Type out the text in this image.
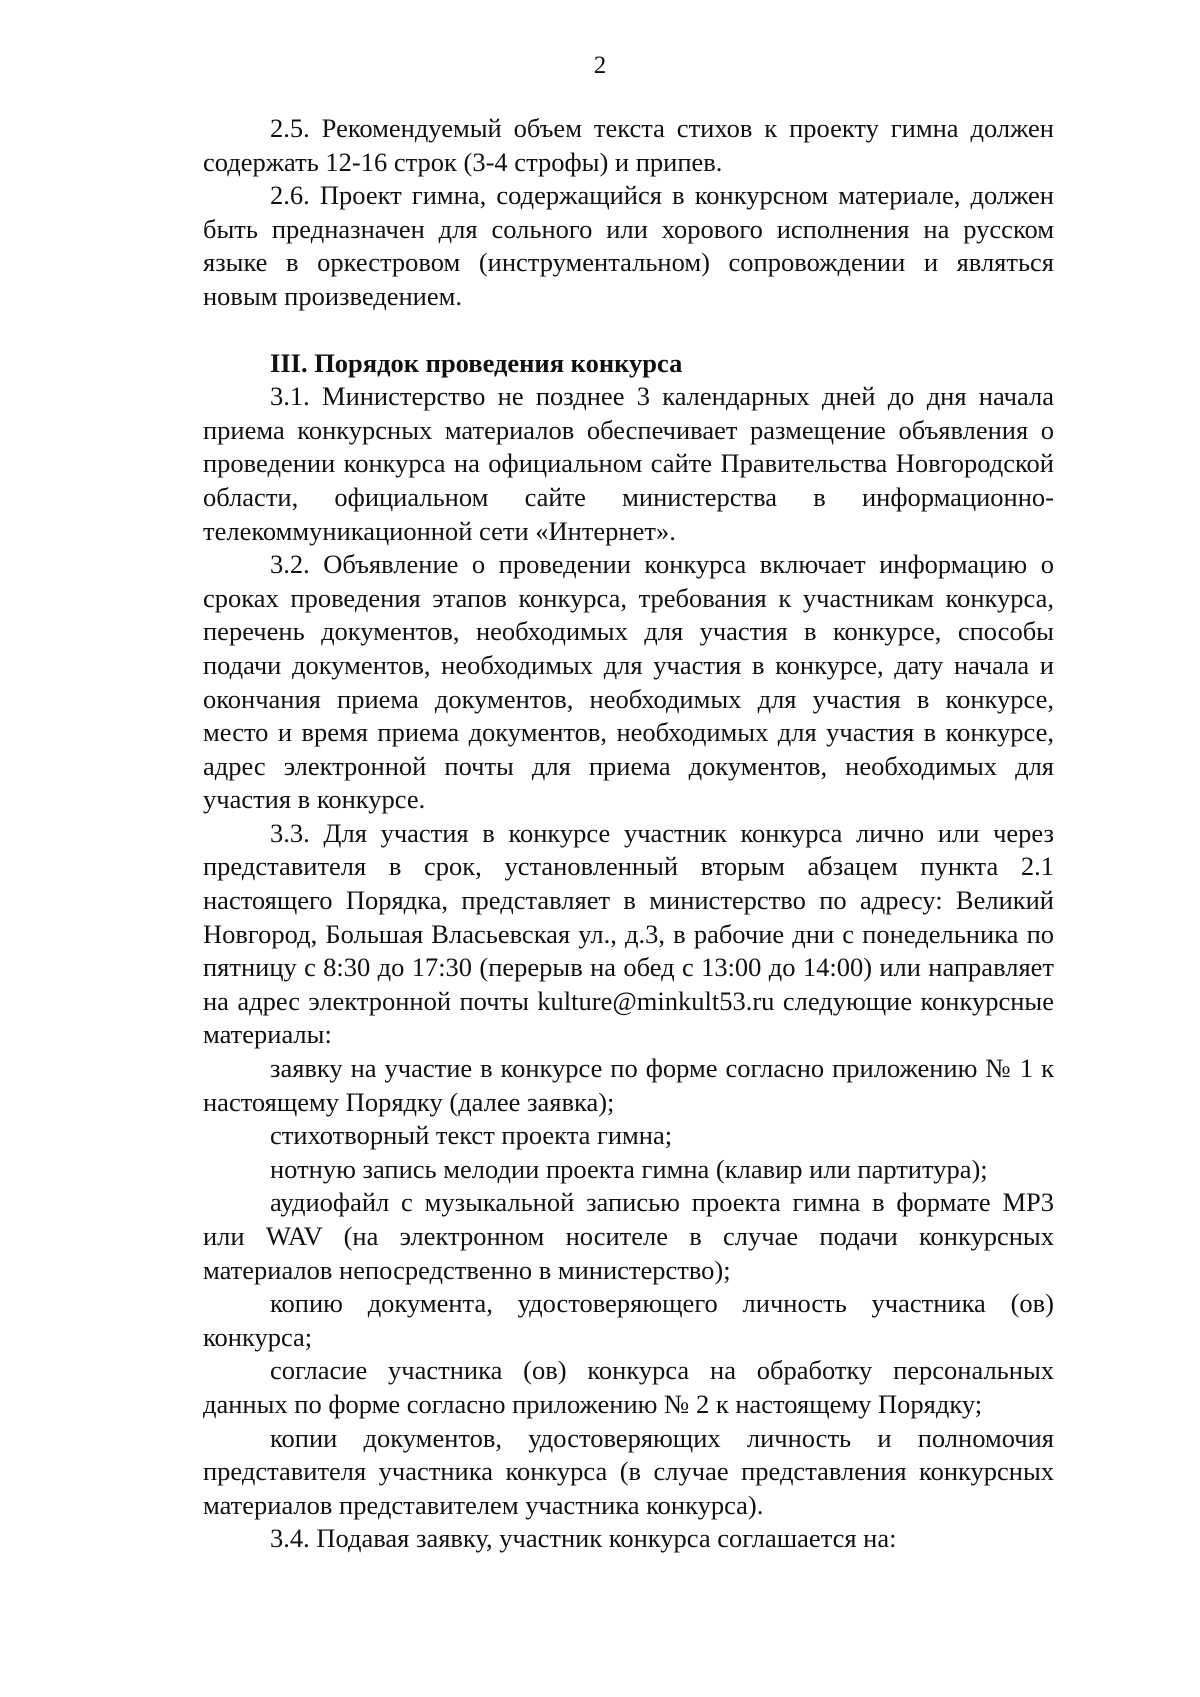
2

2.5. Рекомендуемый объем текста стихов к проекту гимна должен содержать 12-16 строк (3-4 строфы) и припев.

2.6. Проект гимна, содержащийся в конкурсном материале, должен быть предназначен для сольного или хорового исполнения на русском языке в оркестровом (инструментальном) сопровождении и являться новым произведением.

III. Порядок проведения конкурса

3.1. Министерство не позднее 3 календарных дней до дня начала приема конкурсных материалов обеспечивает размещение объявления о проведении конкурса на официальном сайте Правительства Новгородской области, официальном сайте министерства в информационно-телекоммуникационной сети «Интернет».

3.2. Объявление о проведении конкурса включает информацию о сроках проведения этапов конкурса, требования к участникам конкурса, перечень документов, необходимых для участия в конкурсе, способы подачи документов, необходимых для участия в конкурсе, дату начала и окончания приема документов, необходимых для участия в конкурсе, место и время приема документов, необходимых для участия в конкурсе, адрес электронной почты для приема документов, необходимых для участия в конкурсе.

3.3. Для участия в конкурсе участник конкурса лично или через представителя в срок, установленный вторым абзацем пункта 2.1 настоящего Порядка, представляет в министерство по адресу: Великий Новгород, Большая Власьевская ул., д.3, в рабочие дни с понедельника по пятницу с 8:30 до 17:30 (перерыв на обед с 13:00 до 14:00) или направляет на адрес электронной почты kulture@minkult53.ru следующие конкурсные материалы:

заявку на участие в конкурсе по форме согласно приложению № 1 к настоящему Порядку (далее заявка);

стихотворный текст проекта гимна;

нотную запись мелодии проекта гимна (клавир или партитура);

аудиофайл с музыкальной записью проекта гимна в формате MP3 или WAV (на электронном носителе в случае подачи конкурсных материалов непосредственно в министерство);

копию документа, удостоверяющего личность участника (ов) конкурса;

согласие участника (ов) конкурса на обработку персональных данных по форме согласно приложению № 2 к настоящему Порядку;

копии документов, удостоверяющих личность и полномочия представителя участника конкурса (в случае представления конкурсных материалов представителем участника конкурса).

3.4. Подавая заявку, участник конкурса соглашается на:
